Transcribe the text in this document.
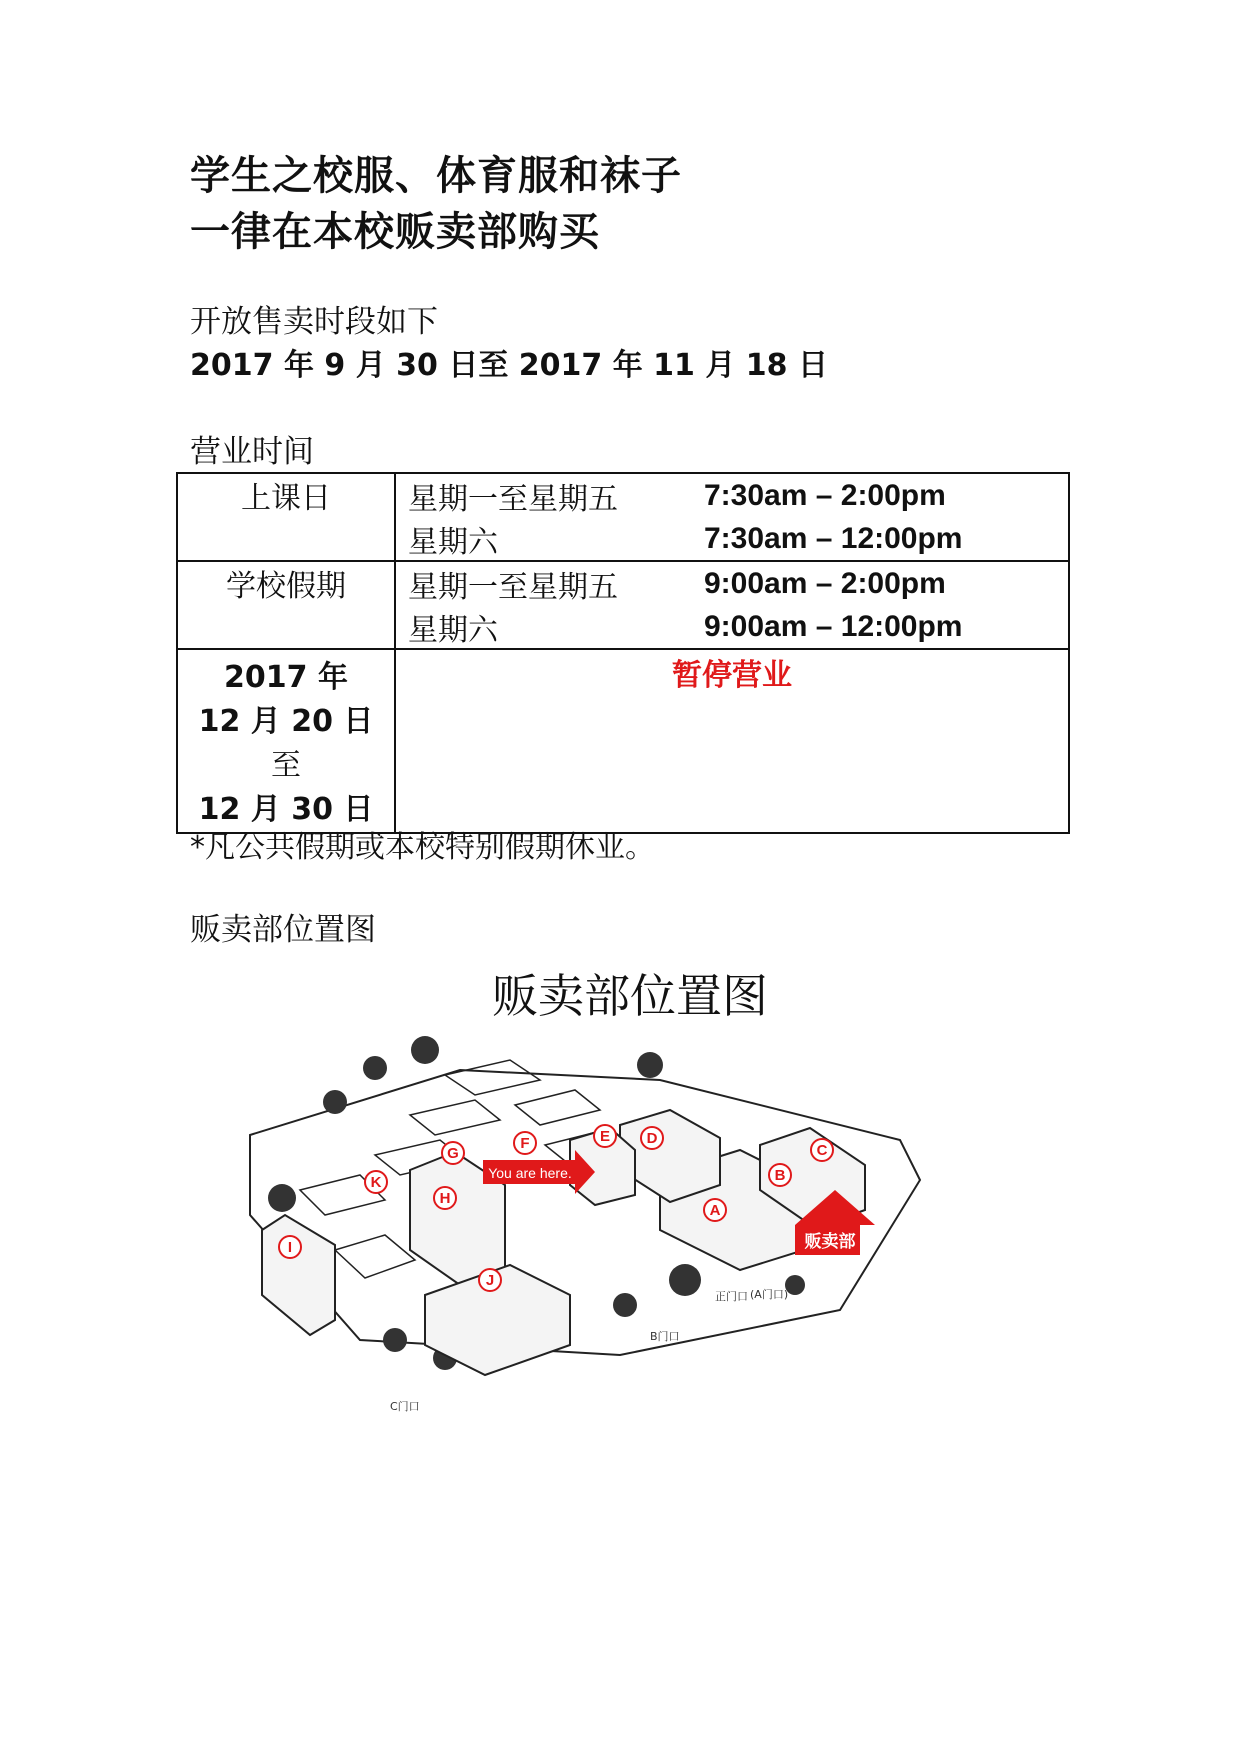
学生之校服、体育服和袜子
一律在本校贩卖部购买
开放售卖时段如下
2017 年 9 月 30 日至 2017 年 11 月 18 日
营业时间
上课日	星期一至星期五 7:30am – 2:00pm
星期六 7:30am – 12:00pm

学校假期	星期一至星期五 9:00am – 2:00pm
星期六 9:00am – 12:00pm

2017 年
12 月 20 日
至
12 月 30 日	暂停营业
*凡公共假期或本校特别假期休业。
贩卖部位置图
贩卖部位置图
A
B
C
D
E
F
G
H
I
J
K
You are here.
贩卖部
正门口 (A门口)
B门口
C门口
